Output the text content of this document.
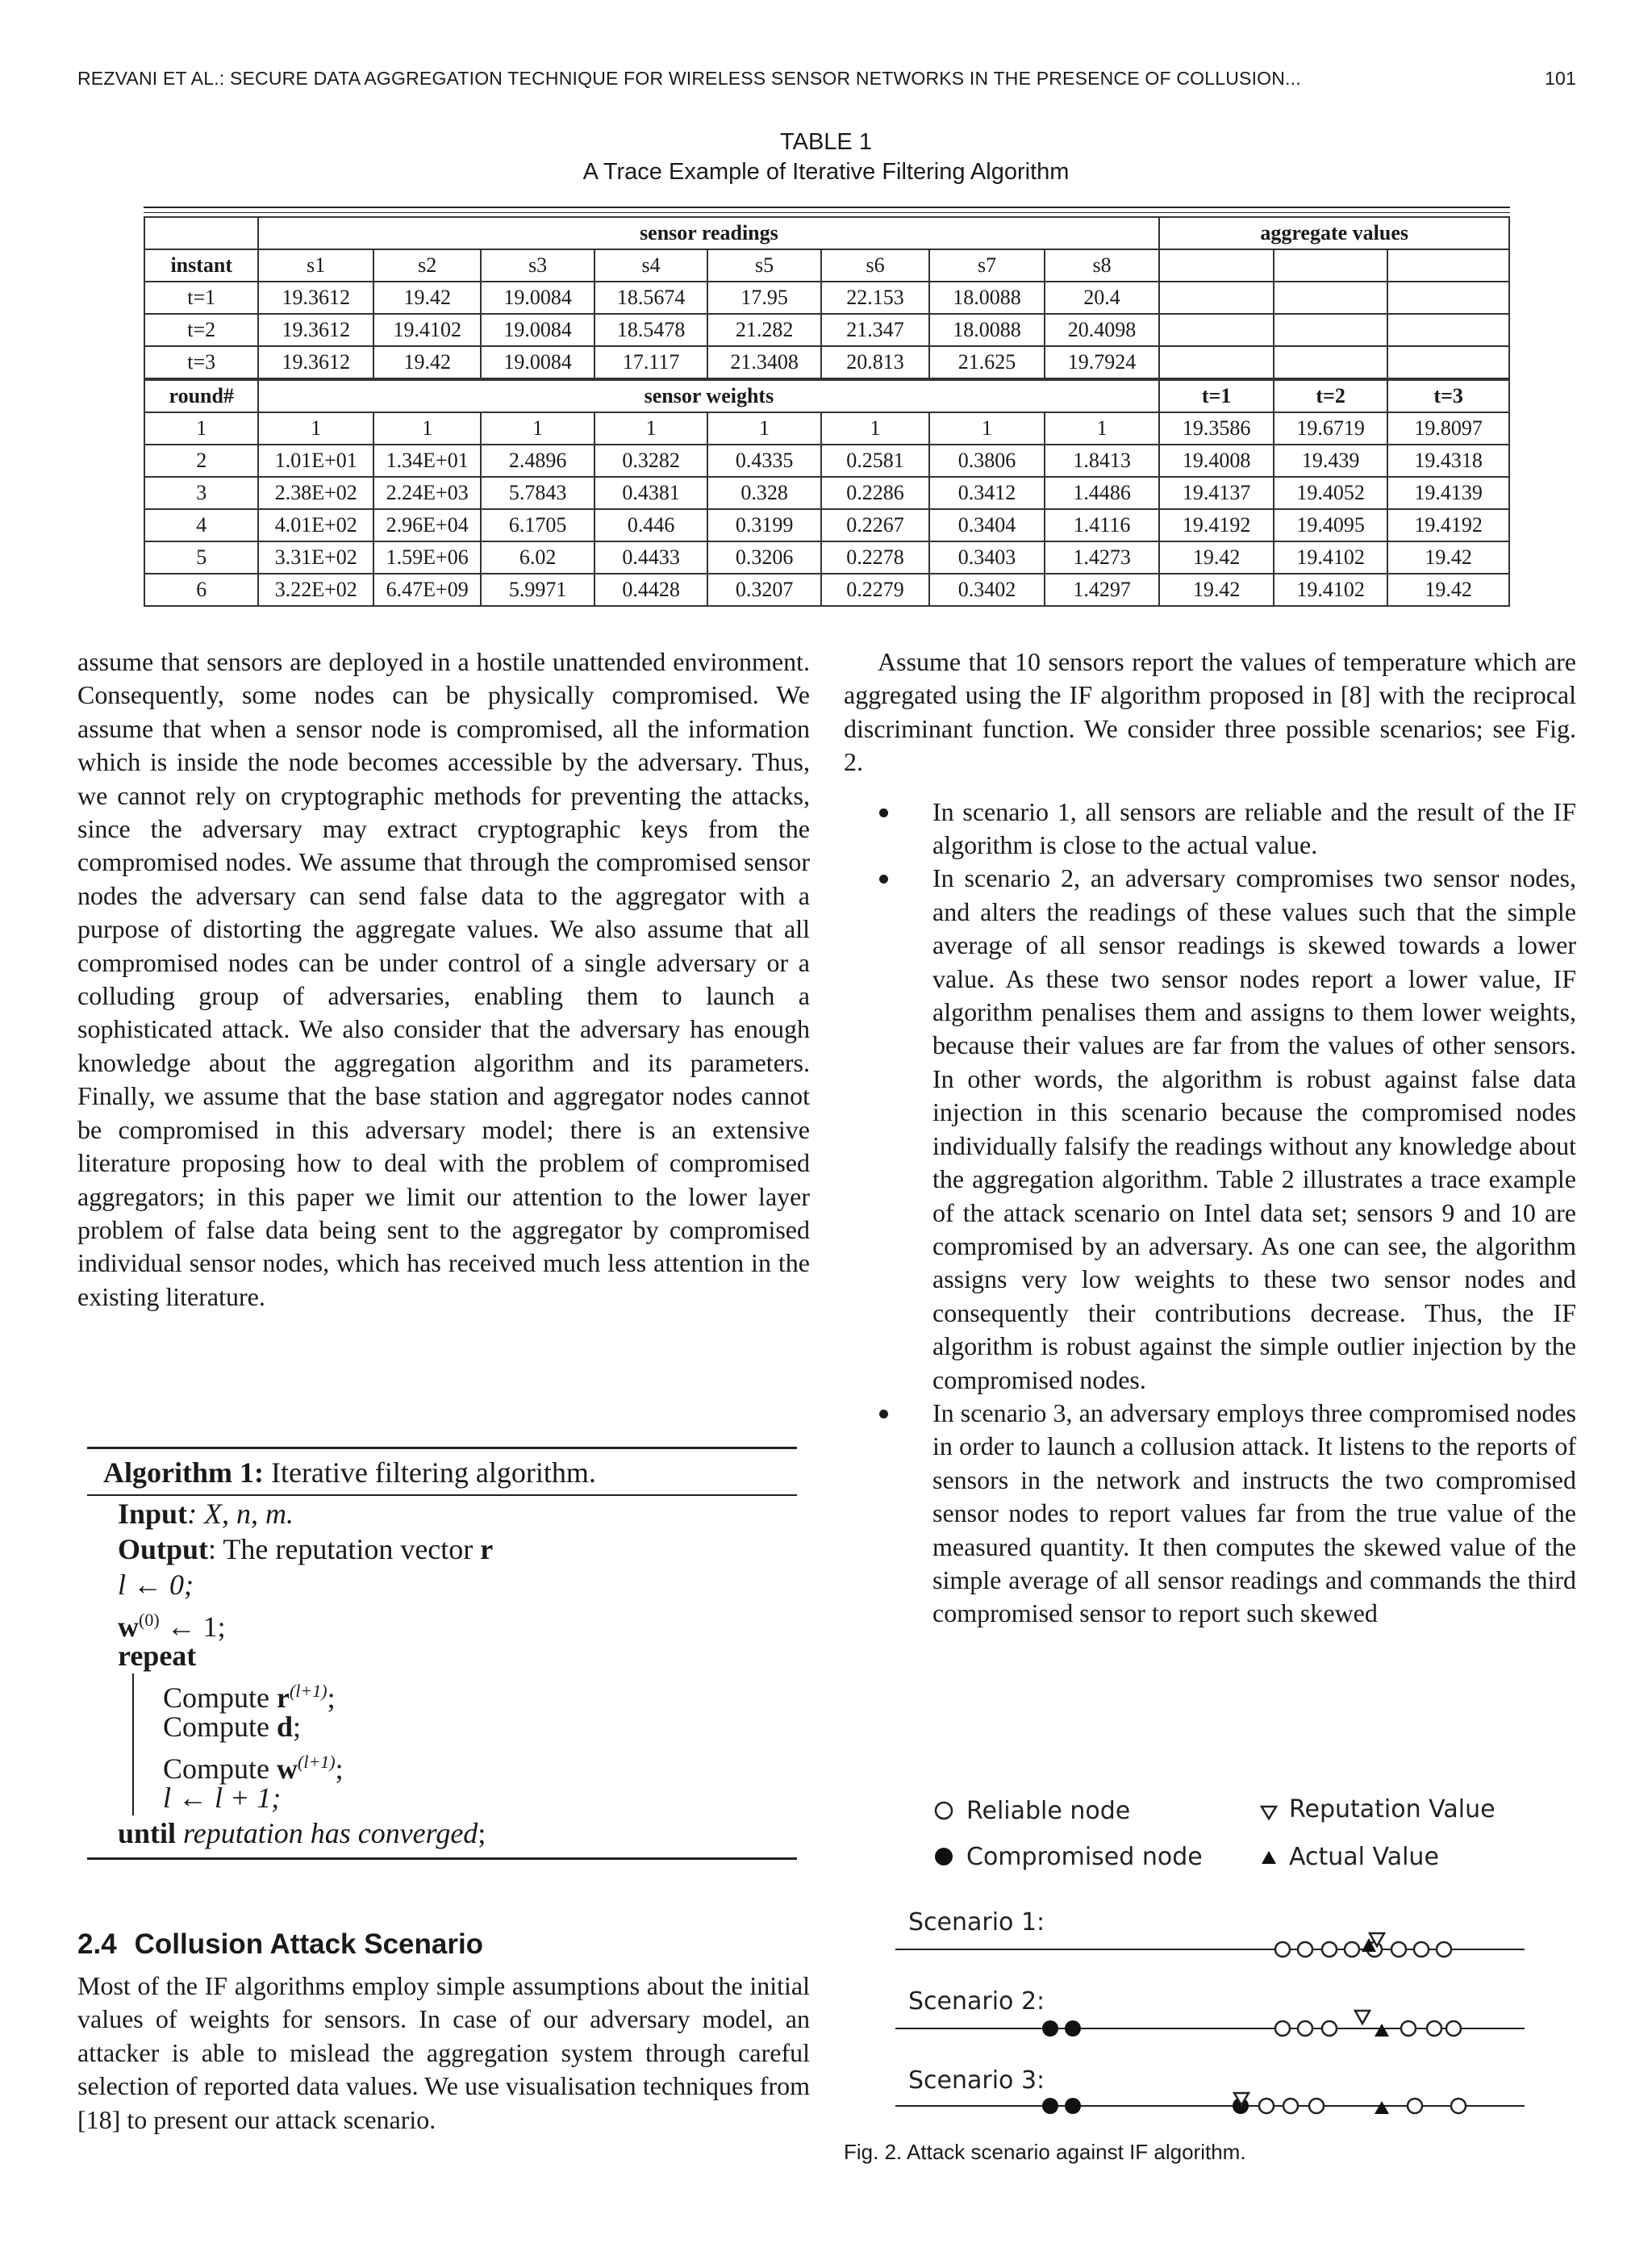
REZVANI ET AL.: SECURE DATA AGGREGATION TECHNIQUE FOR WIRELESS SENSOR NETWORKS IN THE PRESENCE OF COLLUSION...	101
TABLE 1
A Trace Example of Iterative Filtering Algorithm
	sensor readings								aggregate values		
instant	s1	s2	s3	s4	s5	s6	s7	s8			
t=1	19.3612	19.42	19.0084	18.5674	17.95	22.153	18.0088	20.4			
t=2	19.3612	19.4102	19.0084	18.5478	21.282	21.347	18.0088	20.4098			
t=3	19.3612	19.42	19.0084	17.117	21.3408	20.813	21.625	19.7924			
round#	sensor weights								t=1	t=2	t=3
1	1	1	1	1	1	1	1	1	19.3586	19.6719	19.8097
2	1.01E+01	1.34E+01	2.4896	0.3282	0.4335	0.2581	0.3806	1.8413	19.4008	19.439	19.4318
3	2.38E+02	2.24E+03	5.7843	0.4381	0.328	0.2286	0.3412	1.4486	19.4137	19.4052	19.4139
4	4.01E+02	2.96E+04	6.1705	0.446	0.3199	0.2267	0.3404	1.4116	19.4192	19.4095	19.4192
5	3.31E+02	1.59E+06	6.02	0.4433	0.3206	0.2278	0.3403	1.4273	19.42	19.4102	19.42
6	3.22E+02	6.47E+09	5.9971	0.4428	0.3207	0.2279	0.3402	1.4297	19.42	19.4102	19.42

assume that sensors are deployed in a hostile unattended environment. Consequently, some nodes can be physically compromised. We assume that when a sensor node is compromised, all the information which is inside the node becomes accessible by the adversary. Thus, we cannot rely on cryptographic methods for preventing the attacks, since the adversary may extract cryptographic keys from the compromised nodes. We assume that through the compromised sensor nodes the adversary can send false data to the aggregator with a purpose of distorting the aggregate values. We also assume that all compromised nodes can be under control of a single adversary or a colluding group of adversaries, enabling them to launch a sophisticated attack. We also consider that the adversary has enough knowledge about the aggregation algorithm and its parameters. Finally, we assume that the base station and aggregator nodes cannot be compromised in this adversary model; there is an extensive literature proposing how to deal with the problem of compromised aggregators; in this paper we limit our attention to the lower layer problem of false data being sent to the aggregator by compromised individual sensor nodes, which has received much less attention in the existing literature.

Algorithm 1: Iterative filtering algorithm.
Input: X, n, m.
Output: The reputation vector r
l ← 0;
$w^{(0)}$ ← 1;
repeat
Compute $r^{(l+1)}$;
Compute d;
Compute $w^{(l+1)}$;
l ← l + 1;
until reputation has converged;
2.4 Collusion Attack Scenario

Most of the IF algorithms employ simple assumptions about the initial values of weights for sensors. In case of our adversary model, an attacker is able to mislead the aggregation system through careful selection of reported data values. We use visualisation techniques from [18] to present our attack scenario.

Assume that 10 sensors report the values of temperature which are aggregated using the IF algorithm proposed in [8] with the reciprocal discriminant function. We consider three possible scenarios; see Fig. 2.

In scenario 1, all sensors are reliable and the result of the IF algorithm is close to the actual value.
In scenario 2, an adversary compromises two sensor nodes, and alters the readings of these values such that the simple average of all sensor readings is skewed towards a lower value. As these two sensor nodes report a lower value, IF algorithm penalises them and assigns to them lower weights, because their values are far from the values of other sensors. In other words, the algorithm is robust against false data injection in this scenario because the compromised nodes individually falsify the readings without any knowledge about the aggregation algorithm. Table 2 illustrates a trace example of the attack scenario on Intel data set; sensors 9 and 10 are compromised by an adversary. As one can see, the algorithm assigns very low weights to these two sensor nodes and consequently their contributions decrease. Thus, the IF algorithm is robust against the simple outlier injection by the compromised nodes.
In scenario 3, an adversary employs three compromised nodes in order to launch a collusion attack. It listens to the reports of sensors in the network and instructs the two compromised sensor nodes to report values far from the true value of the measured quantity. It then computes the skewed value of the simple average of all sensor readings and commands the third compromised sensor to report such skewed
Reliable node
Compromised node
Reputation Value
Actual Value
Scenario 1:
Scenario 2:
Scenario 3:
Fig. 2. Attack scenario against IF algorithm.
